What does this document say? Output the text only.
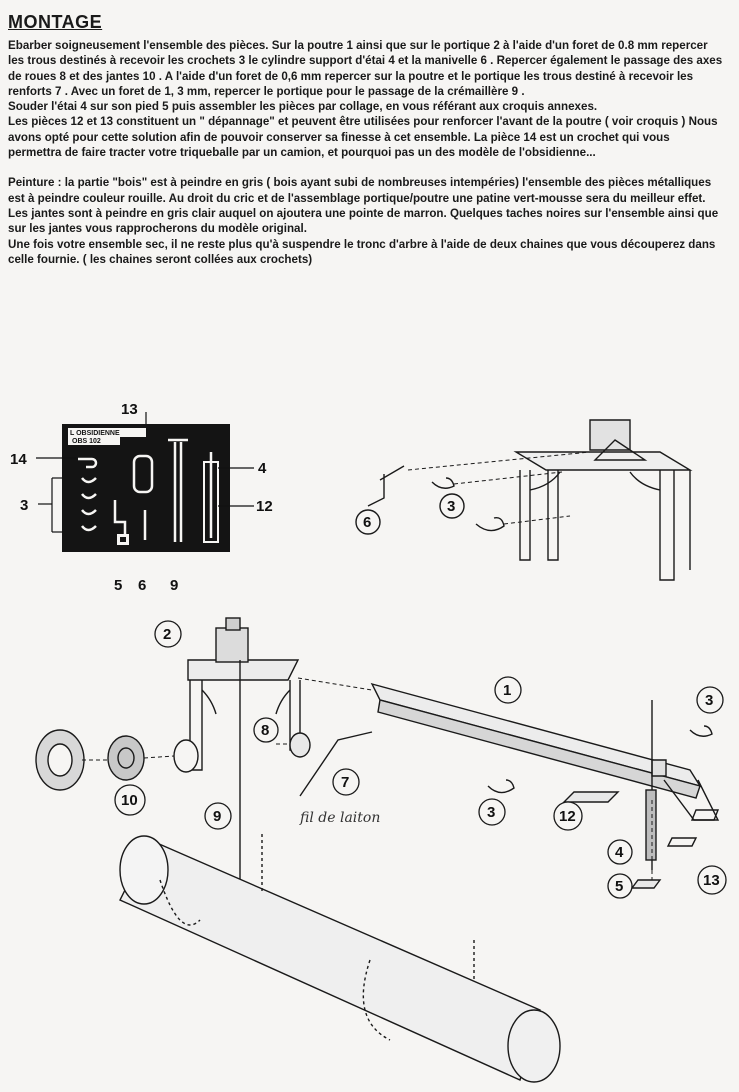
MONTAGE

Ebarber soigneusement l'ensemble des pièces. Sur la poutre 1 ainsi que sur le portique 2 à l'aide d'un foret de 0.8 mm repercer les trous destinés à recevoir les crochets 3 le cylindre support d'étai 4 et la manivelle 6 . Repercer également le passage des axes de roues 8 et des jantes 10 . A l'aide d'un foret de 0,6 mm repercer sur la poutre et le portique les trous destiné à recevoir les renforts 7 . Avec un foret de 1, 3 mm, repercer le portique pour le passage de la crémaillère 9 .

Souder l'étai 4 sur son pied 5 puis assembler les pièces par collage, en vous référant aux croquis annexes.

Les pièces 12 et 13 constituent un " dépannage" et peuvent être utilisées pour renforcer l'avant de la poutre ( voir croquis ) Nous avons opté pour cette solution afin de pouvoir conserver sa finesse à cet ensemble. La pièce 14 est un crochet qui vous permettra de faire tracter votre triqueballe par un camion, et pourquoi pas un des modèle de l'obsidienne...

Peinture : la partie "bois" est à peindre en gris ( bois ayant subi de nombreuses intempéries) l'ensemble des pièces métalliques est à peindre couleur rouille. Au droit du cric et de l'assemblage portique/poutre une patine vert-mousse sera du meilleur effet. Les jantes sont à peindre en gris clair auquel on ajoutera une pointe de marron. Quelques taches noires sur l'ensemble ainsi que sur les jantes vous rapprocherons du modèle original.

Une fois votre ensemble sec, il ne reste plus qu'à suspendre le tronc d'arbre à l'aide de deux chaines que vous découperez dans celle fournie. ( les chaines seront collées aux crochets)

L OBSIDIENNE
OBS 102
13
14
3
4
12
5 6 9
6
3
2
1
3
3	12
4
5	13
8
9
7
10
fil de laiton
